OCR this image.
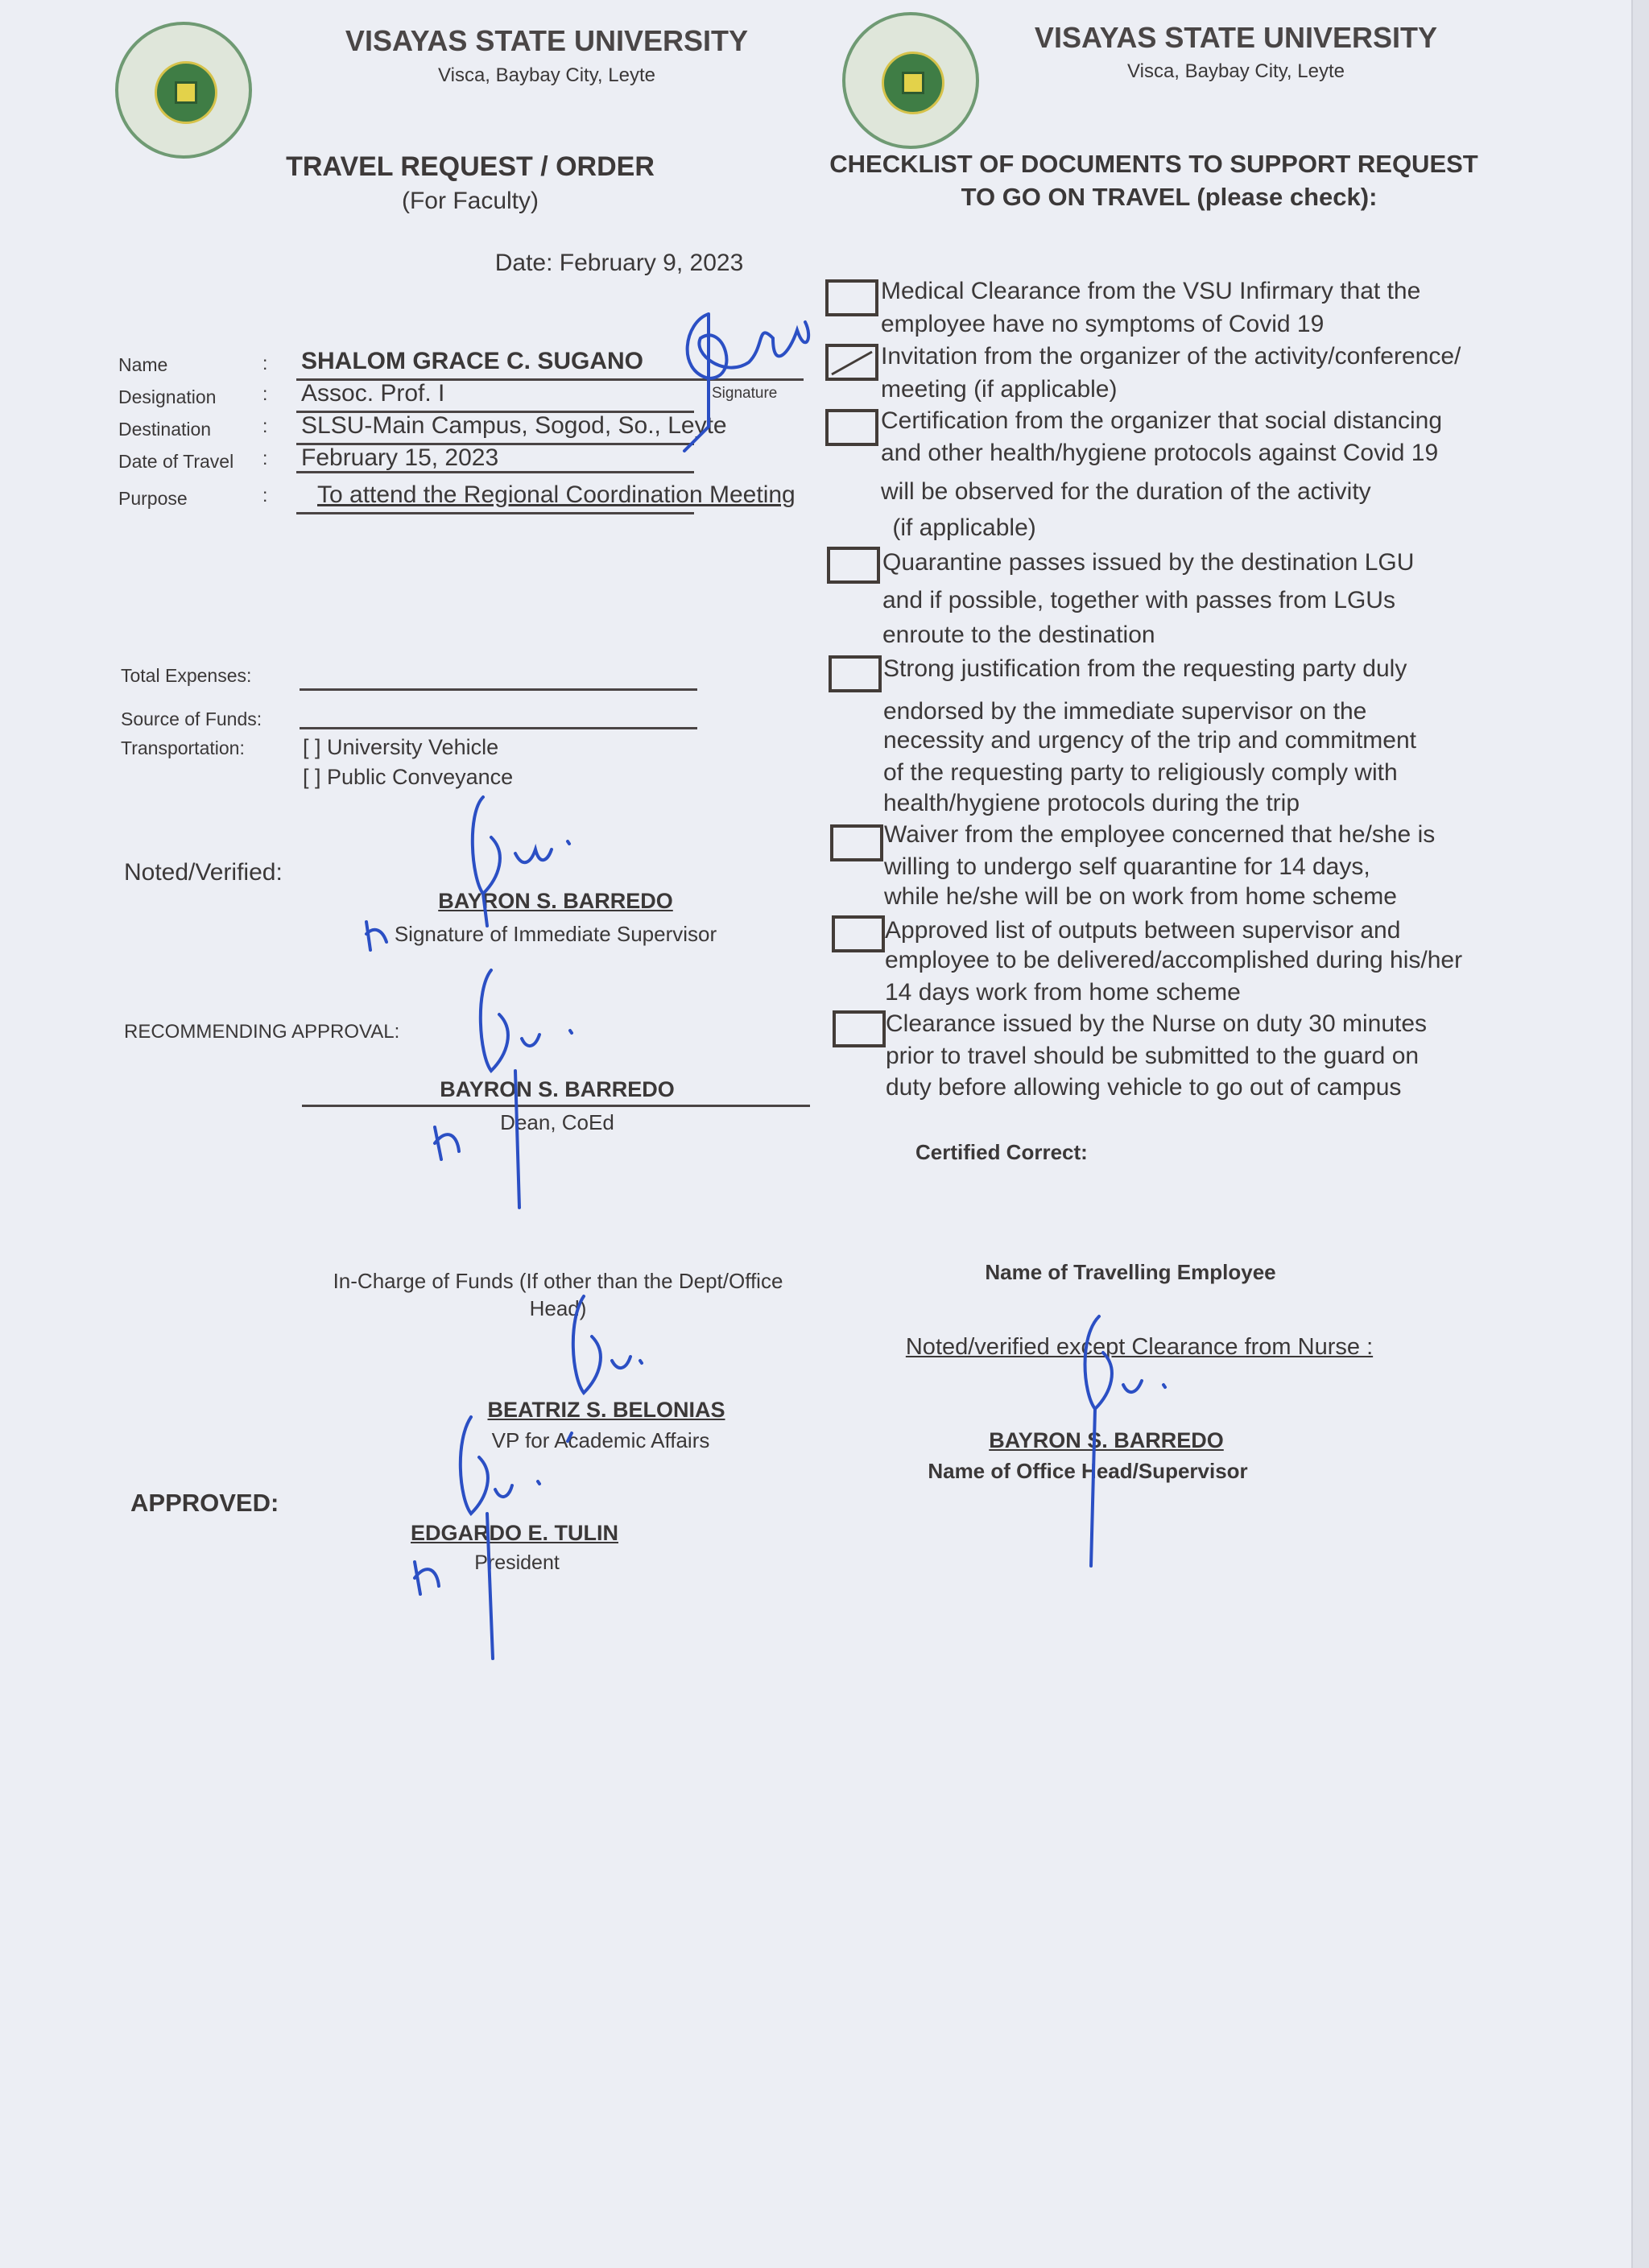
VISAYAS STATE UNIVERSITY
Visca, Baybay City, Leyte
TRAVEL REQUEST / ORDER
(For Faculty)
VISAYAS STATE UNIVERSITY
Visca, Baybay City, Leyte
CHECKLIST OF DOCUMENTS TO SUPPORT REQUEST
TO GO ON TRAVEL (please check):
Date: February 9, 2023
Name	: SHALOM GRACE C. SUGANO
Signature
Designation	: Assoc. Prof. I
Destination	: SLSU-Main Campus, Sogod, So., Leyte
Date of Travel : February 15, 2023
Purpose	: To attend the Regional Coordination Meeting
Total Expenses:
Source of Funds:
Transportation:	[ ] University Vehicle
[ ] Public Conveyance
Noted/Verified:
BAYRON S. BARREDO
Signature of Immediate Supervisor
RECOMMENDING APPROVAL:
BAYRON S. BARREDO
Dean, CoEd
In-Charge of Funds (If other than the Dept/Office
Head)
BEATRIZ S. BELONIAS
VP for Academic Affairs
APPROVED:
EDGARDO E. TULIN
President
Medical Clearance from the VSU Infirmary that the
employee have no symptoms of Covid 19
Invitation from the organizer of the activity/conference/
meeting (if applicable)
Certification from the organizer that social distancing
and other health/hygiene protocols against Covid 19
will be observed for the duration of the activity
(if applicable)
Quarantine passes issued by the destination LGU
and if possible, together with passes from LGUs
enroute to the destination
Strong justification from the requesting party duly
endorsed by the immediate supervisor on the
necessity and urgency of the trip and commitment
of the requesting party to religiously comply with
health/hygiene protocols during the trip
Waiver from the employee concerned that he/she is
willing to undergo self quarantine for 14 days,
while he/she will be on work from home scheme
Approved list of outputs between supervisor and
employee to be delivered/accomplished during his/her
14 days work from home scheme
Clearance issued by the Nurse on duty 30 minutes
prior to travel should be submitted to the guard on
duty before allowing vehicle to go out of campus
Certified Correct:
Name of Travelling Employee
Noted/verified except Clearance from Nurse :
BAYRON S. BARREDO
Name of Office Head/Supervisor
